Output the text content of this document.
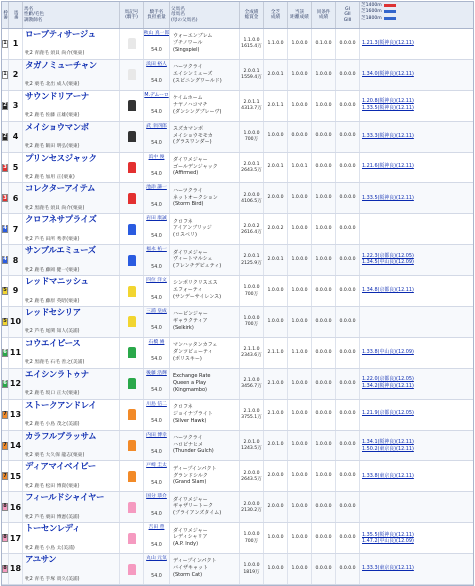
枠番 馬番
馬名
性齢/毛色
調教師名
馬記号
(騎手)
騎手名
負担重量
父馬名
母馬名
(母の父馬名)
全成績
総賞金
全芝
成績
当該
距離成績
同条件
成績
GI
GII
GIII
芝1400m
芝1600m
芝1800m
1 1
ローブティサージュ
牝2 青鹿毛 須貝 尚介(栗東)
秋山 真一郎
54.0
ウォーエンブレム
プチノワール
(Singspiel)
1.1.0.0
1615.4万
1.1.0.0 1.0.0.0 0.1.0.0 0.0.0.0 1.21.3(阪神良)(12.11)
1 2
タガノミューチャン
牝2 栗毛 北出 成人(栗東)
浜田 裕人
54.0
ハーツクライ
エイシンミューズ
(スピニングワールド)
2.0.0.1
1559.4万
2.0.0.1 1.0.0.0 1.0.0.0 0.0.0.0 1.34.0(阪神良)(12.11)
2 3
サウンドリアーナ
牝2 鹿毛 佐藤 正雄(栗東)
M.デムーロ
54.0
ケイムホーム
ナヤノハコマチ
(ダンシングブレーヴ)
2.0.1.1
4313.7万
2.0.1.1 1.0.0.0 1.0.0.0 0.0.0.0
1.20.8(阪神良)(12.11)
1.33.5(阪神良)(12.11)
2 4
メイショウマンボ
牝2 鹿毛 飯田 明弘(栗東)
武 幸四郎
54.0
スズカマンボ
メイショウモモカ
(グラスワンダー)
1.0.0.0
700万
1.0.0.0 0.0.0.0 0.0.0.0 0.0.0.0 1.33.3(阪神良)(12.11)
3 5
プリンセスジャック
牝2 鹿毛 加用 正(栗東)
浜中 俊
54.0
ダイワメジャー
ゴールデンジャック
(Affirmed)
2.0.0.1
2643.5万
2.0.0.1 1.0.0.1 0.0.0.0 0.0.0.0 1.21.6(阪神良)(12.11)
3 6
コレクターアイテム
牝2 黒鹿毛 須貝 尚介(栗東)
池添 謙一
54.0
ハーツクライ
ネットオークション
(Storm Bird)
2.0.0.0
4106.5万
2.0.0.0 1.0.0.0 1.0.0.0 0.0.0.0 1.33.5(阪神良)(12.11)
4 7
クロフネサプライズ
牝2 芦毛 田所 秀孝(栗東)
岩田 康誠
54.0
クロフネ
アイアンブリッジ
(ロスペリ)
2.0.0.2
2616.4万
2.0.0.2 1.0.0.0 1.0.0.0 0.0.0.0
4 8
サンブルエミューズ
牝2 鹿毛 藤岡 健一(栗東)
福永 祐一
54.0
ダイワメジャー
ヴィートマルシェ
(フレンチデピュティ)
2.0.0.1
2125.9万
2.0.0.1 1.0.0.0 1.0.0.0 0.0.0.0
1.22.3(京都良)(12.05)
1.34.5(中山良)(12.09)
5 9
レッドマニッシュ
牝2 鹿毛 藤原 英昭(栗東)
四位 洋文
54.0
シンボリクリスエス
エフォーティ
(サンデーサイレンス)
1.0.0.0
700万
1.0.0.0 1.0.0.0 0.0.0.0 0.0.0.0 1.34.8(京都良)(12.11)
5 10
レッドセシリア
牝2 芦毛 尾関 知人(美浦)
三浦 皇成
54.0
ハービンジャー
ギャラクティア
(Selkirk)
1.0.0.0
700万
1.0.0.0 1.0.0.0 0.0.0.0 0.0.0.0
6 11
コウエイピース
牝2 黒鹿毛 石毛 善之(美浦)
石橋 脩
54.0
マンハッタンカフェ
ダンツビューティ
(ボリスキー)
2.1.1.0
2343.6万
2.1.1.0 1.1.0.0 0.0.0.0 0.0.0.0 1.33.8(中山良)(12.09)
6 12
エイシンラトゥナ
牝2 鹿毛 坂口 正大(栗東)
後藤 浩輝
54.0
Exchange Rate
Queen a Play
(Kingmambo)
2.1.0.0
3456.7万
2.1.0.0 1.0.0.0 0.0.0.0 0.0.0.0
1.22.0(京都良)(12.05)
1.34.2(阪神良)(12.11)
7 13
ストークアンドレイ
牝2 鹿毛 小島 茂之(美浦)
川島 信二
54.0
クロフネ
ジョイナプライト
(Silver Hawk)
2.1.0.0
3755.1万
2.1.0.0 1.0.0.0 0.0.0.0 0.0.0.0 1.21.9(京都良)(12.05)
7 14
カラフルブラッサム
牝2 栗毛 大久保 龍志(栗東)
内田 博幸
54.0
ハーツクライ
ハロビナヒメ
(Thunder Gulch)
2.0.1.0
1243.5万
2.0.1.0 1.0.0.0 1.0.0.0 0.0.0.0 1.34.1(阪神良)(12.11)
1.50.2(東京良)(12.11)
7 15
ディアマイベイビー
牝2 鹿毛 松田 博資(栗東)
戸崎 圭太
54.0
ディープインパクト
グランドシルク
(Grand Slam)
2.0.0.0
2643.5万
2.0.0.0 1.0.0.0 1.0.0.0 0.0.0.0 1.33.8(東京良)(12.11)
8 16
フィールドシャイヤー
牝2 芦毛 栗田 博憲(美浦)
国分 恭介
54.0
ダイワメジャー
ギャザリートーク
(ブライアンズタイム)
2.0.0.0
2130.2万
2.0.0.0 1.0.0.0 0.0.0.0 0.0.0.0
8 17
トーセンレディ
牝2 鹿毛 小島 太(美浦)
吉田 豊
54.0
ダイワメジャー
レディシャリア
(A.P. Indy)
1.0.0.0
700万
1.0.0.0 1.0.0.0 0.0.0.0 0.0.0.0 1.35.5(阪神良)(12.11)
1.47.2(中山良)(12.09)
8 18
アユサン
牝2 青毛 手塚 貴久(美浦)
丸山 元気
54.0
ディープインパクト
バイザキャット
(Storm Cat)
1.0.0.0
1819万
1.0.0.0 1.0.0.0 0.0.0.0 0.0.0.0 1.33.3(東京良)(12.11)
